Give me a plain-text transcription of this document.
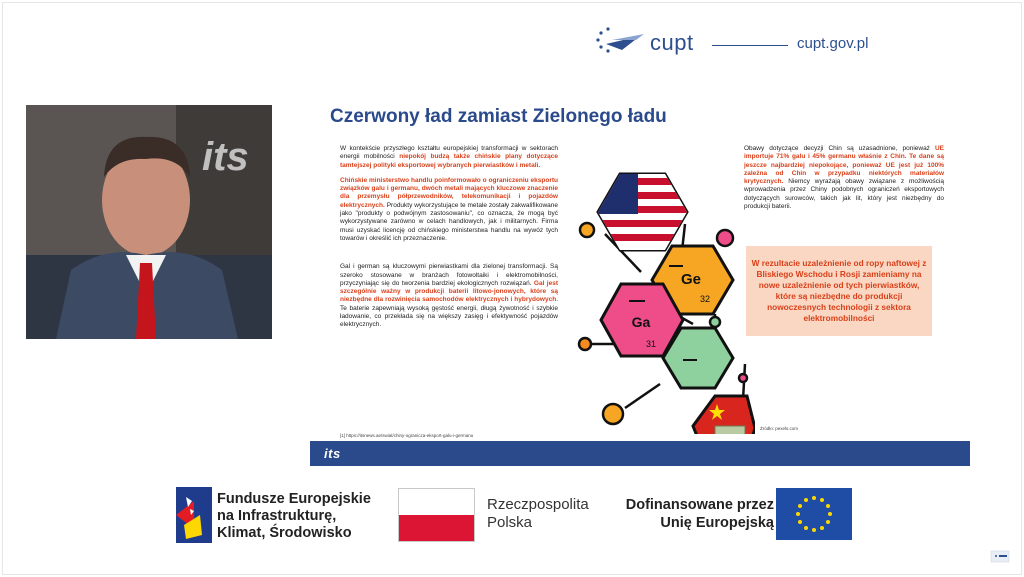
cupt	cupt.gov.pl
its
Czerwony ład zamiast Zielonego ładu

W kontekście przyszłego kształtu europejskiej transformacji w sektorach energii mobilności niepokój budzą także chińskie plany dotyczące tamtejszej polityki eksportowej wybranych pierwiastków i metali.

Chińskie ministerstwo handlu poinformowało o ograniczeniu eksportu związków galu i germanu, dwóch metali mających kluczowe znaczenie dla przemysłu półprzewodników, telekomunikacji i pojazdów elektrycznych. Produkty wykorzystujące te metale zostały zakwalifikowane jako "produkty o podwójnym zastosowaniu", co oznacza, że mogą być wykorzystywane zarówno w celach handlowych, jak i militarnych. Firma musi uzyskać licencję od chińskiego ministerstwa handlu na wywóz tych towarów i określić ich przeznaczenie.

Gal i german są kluczowymi pierwiastkami dla zielonej transformacji. Są szeroko stosowane w branżach fotowoltaiki i elektromobilności, przyczyniając się do tworzenia bardziej ekologicznych rozwiązań. Gal jest szczególnie ważny w produkcji baterii litowo-jonowych, które są niezbędne dla rozwinięcia samochodów elektrycznych i hybrydowych. Te baterie zapewniają wysoką gęstość energii, długą żywotność i szybkie ładowanie, co przekłada się na większy zasięg i efektywność pojazdów elektrycznych.

[1] https://itsnews.ae/swiat/chiny-ogranicza-eksport-galu-i-germanu
Ge
32
Ga
31

Obawy dotyczące decyzji Chin są uzasadnione, ponieważ UE importuje 71% galu i 45% germanu właśnie z Chin. Te dane są jeszcze najbardziej niepokojące, ponieważ UE jest już 100% zależna od Chin w przypadku niektórych materiałów krytycznych. Niemcy wyrażają obawy związane z możliwością wprowadzenia przez Chiny podobnych ograniczeń eksportowych dotyczących surowców, takich jak lit, który jest niezbędny do produkcji baterii.

W rezultacie uzależnienie od ropy naftowej z Bliskiego Wschodu i Rosji zamieniamy na nowe uzależnienie od tych pierwiastków, które są niezbędne do produkcji nowoczesnych technologii z sektora elektromobilności
Źródło: pexels.com
its
Fundusze Europejskie
na Infrastrukturę,
Klimat, Środowisko
Rzeczpospolita
Polska
Dofinansowane przez
Unię Europejską
